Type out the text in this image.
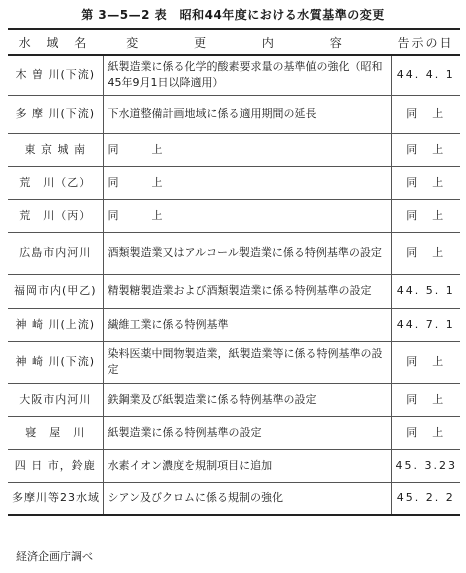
第 3—5—2 表　昭和44年度における水質基準の変更
水 域 名	変 更 内 容	告示の日
木 曽 川(下流)	紙製造業に係る化学的酸素要求量の基準値の強化（昭和45年9月1日以降適用）	44. 4. 1
多 摩 川(下流)	下水道整備計画地域に係る適用期間の延長	同　上
東 京 城 南	同　　　上	同　上
荒　川（乙）	同　　　上	同　上
荒　川（丙）	同　　　上	同　上
広島市内河川	酒類製造業又はアルコール製造業に係る特例基準の設定	同　上
福岡市内(甲乙)	精製糖製造業および酒類製造業に係る特例基準の設定	44. 5. 1
神 崎 川(上流)	繊維工業に係る特例基準	44. 7. 1
神 崎 川(下流)	染料医薬中間物製造業，紙製造業等に係る特例基準の設定	同　上
大阪市内河川	鉄鋼業及び紙製造業に係る特例基準の設定	同　上
寝　屋　川	紙製造業に係る特例基準の設定	同　上
四 日 市，鈴鹿	水素イオン濃度を規制項目に追加	45. 3.23
多摩川等23水域	シアン及びクロムに係る規制の強化	45. 2. 2
経済企画庁調べ
